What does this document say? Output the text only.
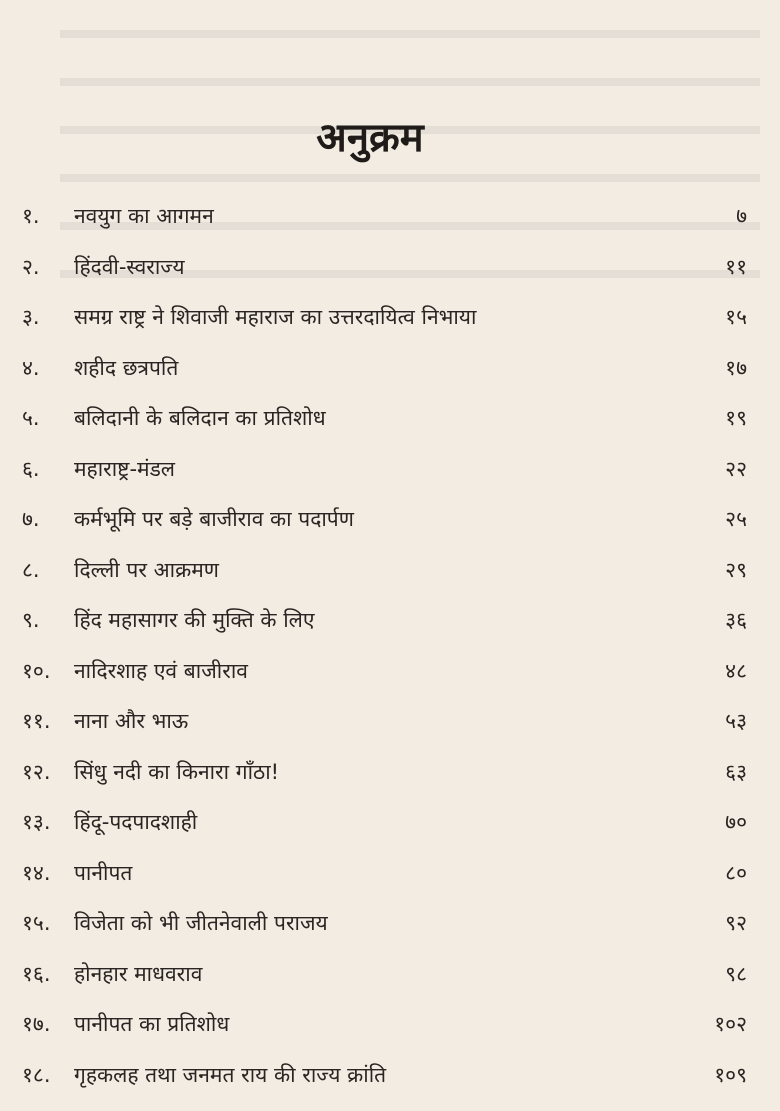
अनुक्रम
१.	नवयुग का आगमन	७
२.	हिंदवी-स्वराज्य	११
३.	समग्र राष्ट्र ने शिवाजी महाराज का उत्तरदायित्व निभाया	१५
४.	शहीद छत्रपति	१७
५.	बलिदानी के बलिदान का प्रतिशोध	१९
६.	महाराष्ट्र-मंडल	२२
७.	कर्मभूमि पर बड़े बाजीराव का पदार्पण	२५
८.	दिल्ली पर आक्रमण	२९
९.	हिंद महासागर की मुक्ति के लिए	३६
१०.	नादिरशाह एवं बाजीराव	४८
११.	नाना और भाऊ	५३
१२.	सिंधु नदी का किनारा गाँठा!	६३
१३.	हिंदू-पदपादशाही	७०
१४.	पानीपत	८०
१५.	विजेता को भी जीतनेवाली पराजय	९२
१६.	होनहार माधवराव	९८
१७.	पानीपत का प्रतिशोध	१०२
१८.	गृहकलह तथा जनमत राय की राज्य क्रांति	१०९
